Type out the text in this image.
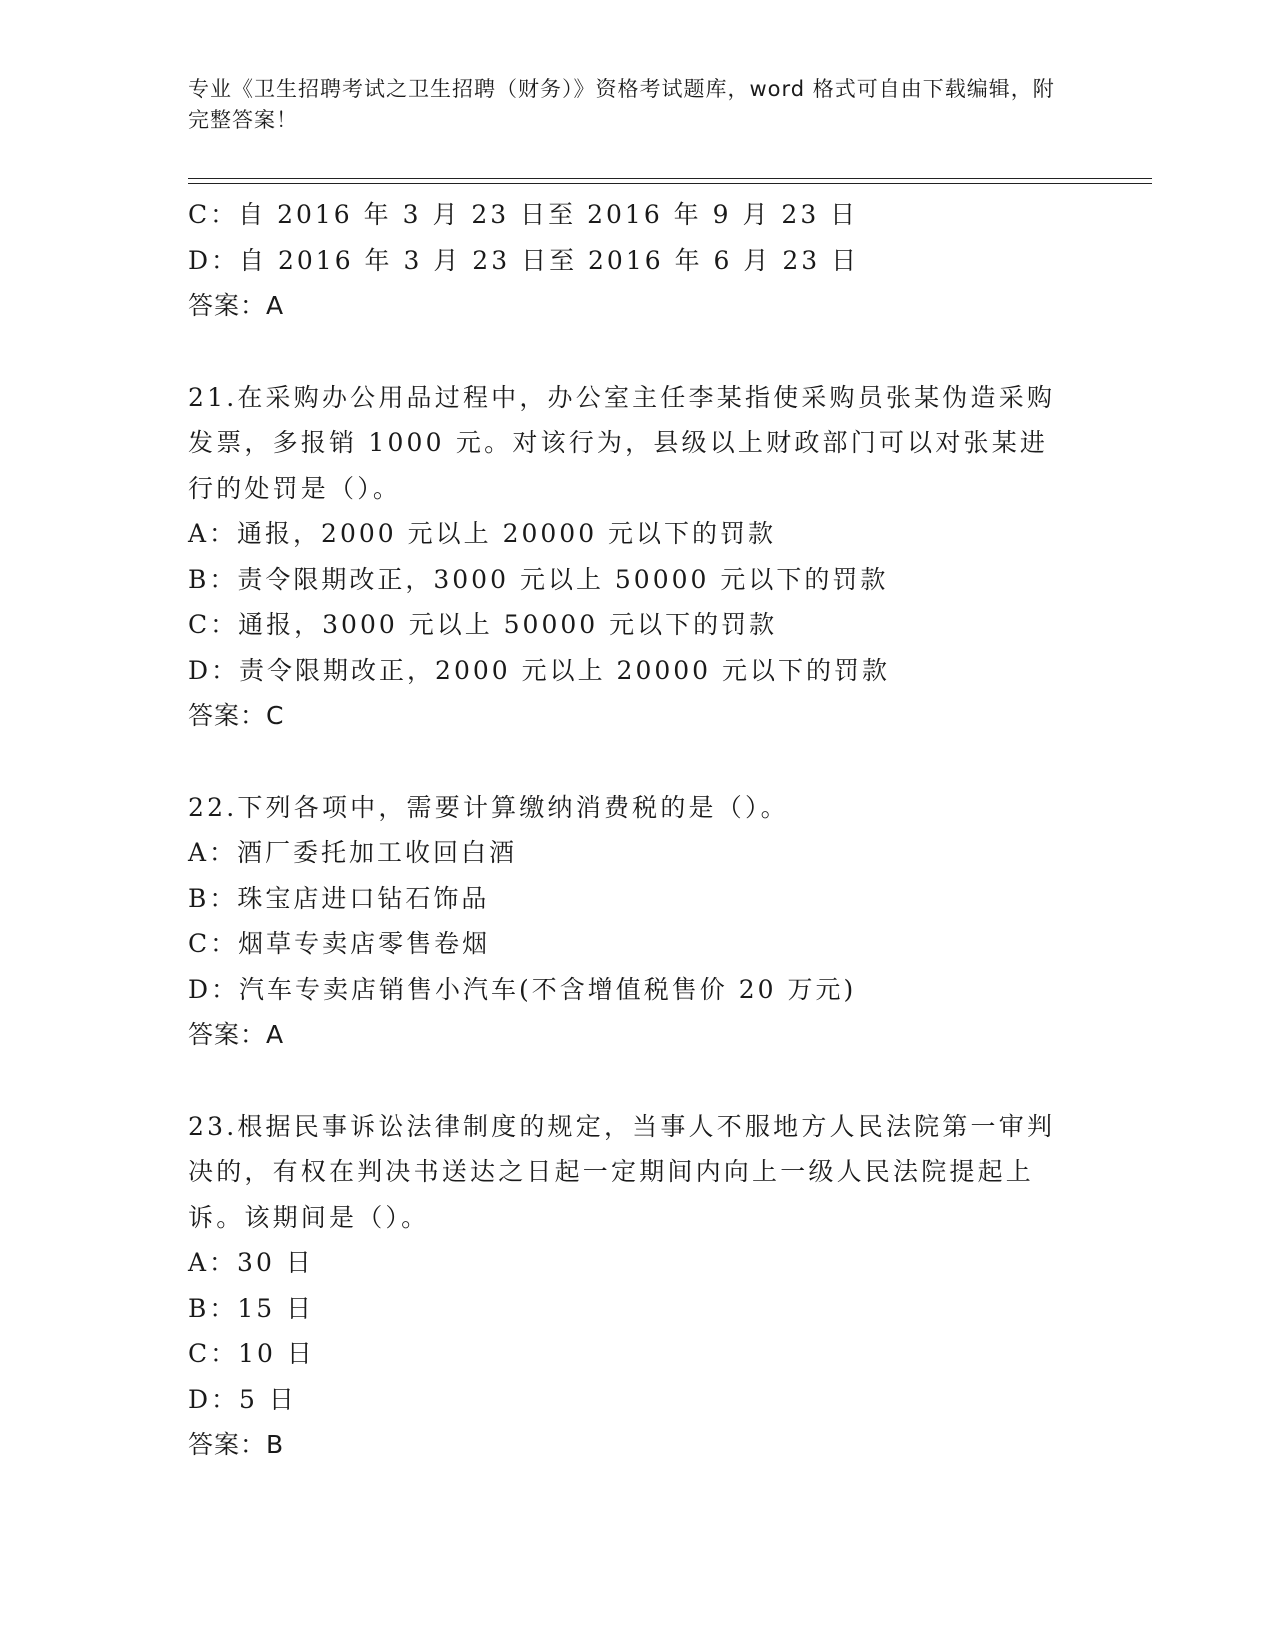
专业《卫生招聘考试之卫生招聘（财务）》资格考试题库，word 格式可自由下载编辑，附完整答案！
C：自 2016 年 3 月 23 日至 2016 年 9 月 23 日
D：自 2016 年 3 月 23 日至 2016 年 6 月 23 日
答案：A
21.在采购办公用品过程中，办公室主任李某指使采购员张某伪造采购发票，多报销 1000 元。对该行为，县级以上财政部门可以对张某进行的处罚是（）。
A：通报，2000 元以上 20000 元以下的罚款
B：责令限期改正，3000 元以上 50000 元以下的罚款
C：通报，3000 元以上 50000 元以下的罚款
D：责令限期改正，2000 元以上 20000 元以下的罚款
答案：C
22.下列各项中，需要计算缴纳消费税的是（）。
A：酒厂委托加工收回白酒
B：珠宝店进口钻石饰品
C：烟草专卖店零售卷烟
D：汽车专卖店销售小汽车(不含增值税售价 20 万元)
答案：A
23.根据民事诉讼法律制度的规定，当事人不服地方人民法院第一审判决的，有权在判决书送达之日起一定期间内向上一级人民法院提起上诉。该期间是（）。
A：30 日
B：15 日
C：10 日
D：5 日
答案：B
